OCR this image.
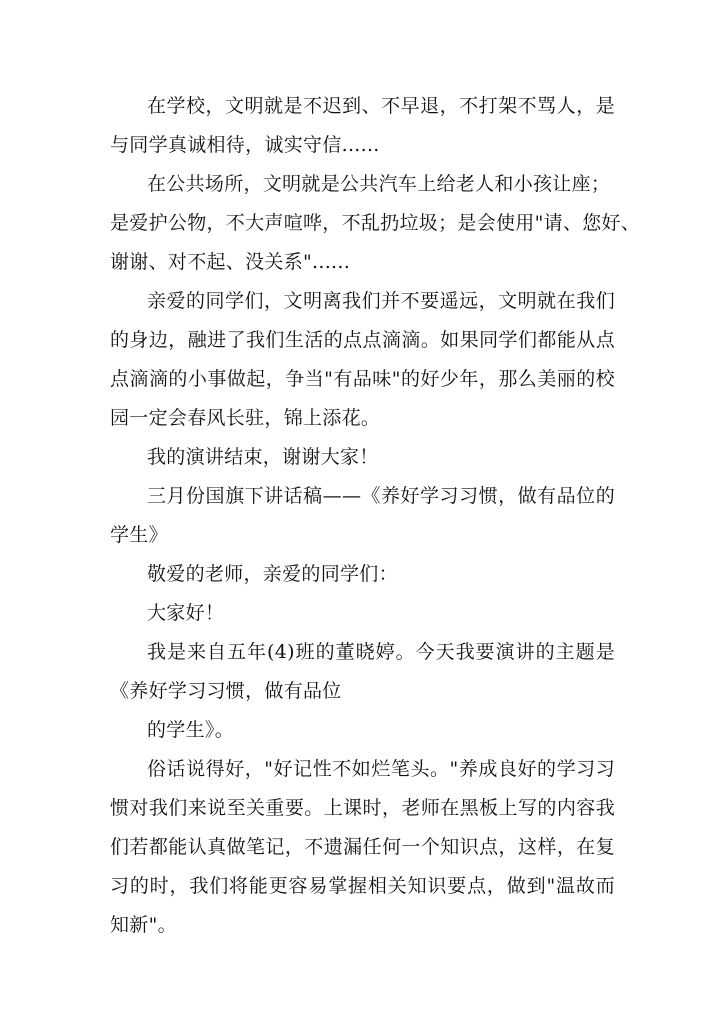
在学校，文明就是不迟到、不早退，不打架不骂人，是
与同学真诚相待，诚实守信......
在公共场所，文明就是公共汽车上给老人和小孩让座；
是爱护公物，不大声喧哗，不乱扔垃圾；是会使用"请、您好、
谢谢、对不起、没关系"......
亲爱的同学们，文明离我们并不要遥远，文明就在我们
的身边，融进了我们生活的点点滴滴。如果同学们都能从点
点滴滴的小事做起，争当"有品味"的好少年，那么美丽的校
园一定会春风长驻，锦上添花。
我的演讲结束，谢谢大家！
三月份国旗下讲话稿——《养好学习习惯，做有品位的
学生》
敬爱的老师，亲爱的同学们：
大家好！
我是来自五年(4)班的董晓婷。今天我要演讲的主题是
《养好学习习惯，做有品位
的学生》。
俗话说得好，"好记性不如烂笔头。"养成良好的学习习
惯对我们来说至关重要。上课时，老师在黑板上写的内容我
们若都能认真做笔记，不遗漏任何一个知识点，这样，在复
习的时，我们将能更容易掌握相关知识要点，做到"温故而
知新"。
